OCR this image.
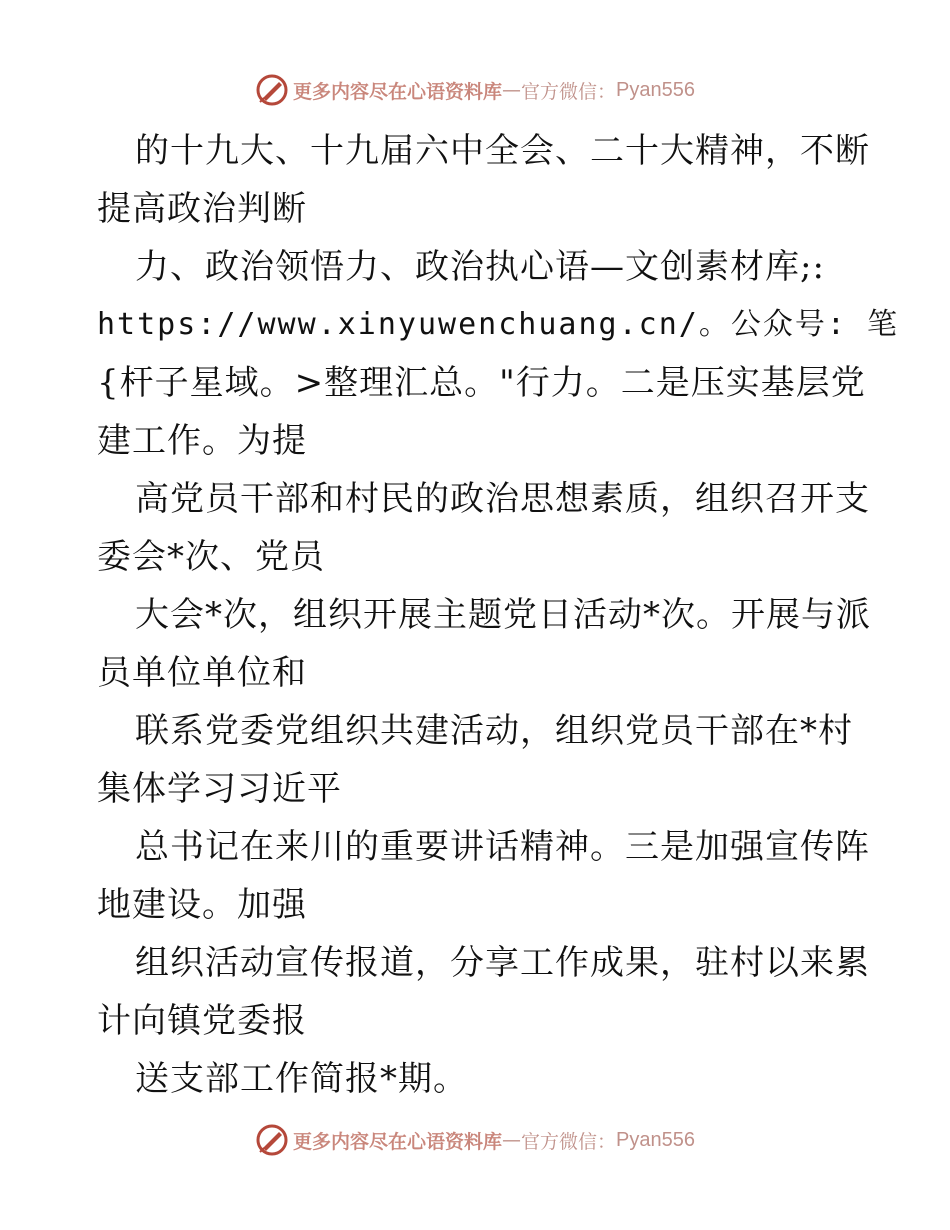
更多内容尽在心语资料库 — 官方微信： Pyan556
的十九大、十九届六中全会、二十大精神，不断
提高政治判断
力、政治领悟力、政治执心语—文创素材库;:
https://www.xinyuwenchuang.cn/。公众号: 笔
{杆子星域。>整理汇总。"行力。二是压实基层党
建工作。为提
高党员干部和村民的政治思想素质，组织召开支
委会*次、党员
大会*次，组织开展主题党日活动*次。开展与派
员单位单位和
联系党委党组织共建活动，组织党员干部在*村
集体学习习近平
总书记在来川的重要讲话精神。三是加强宣传阵
地建设。加强
组织活动宣传报道，分享工作成果，驻村以来累
计向镇党委报
送支部工作简报*期。
更多内容尽在心语资料库 — 官方微信： Pyan556
